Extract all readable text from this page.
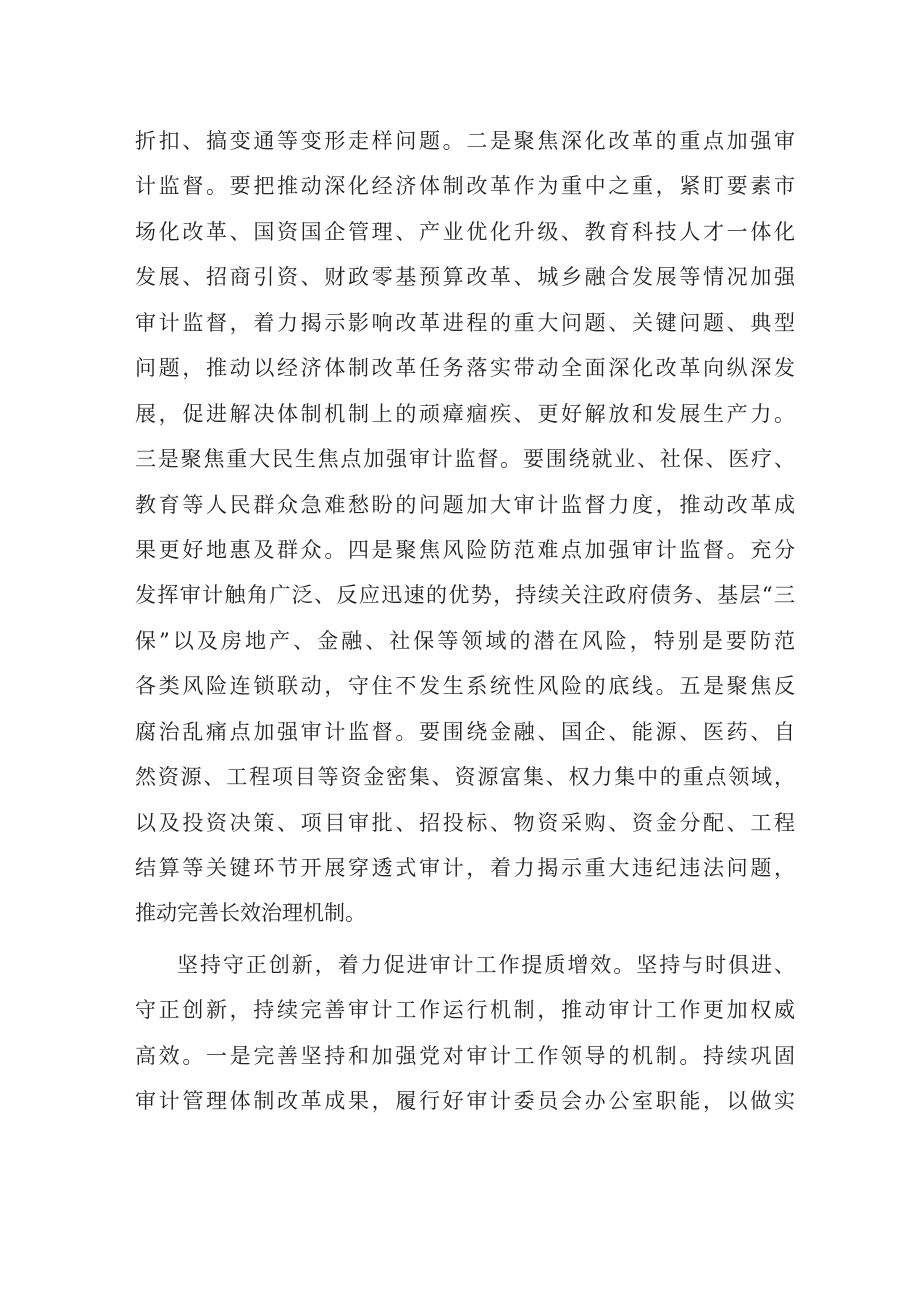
折扣、搞变通等变形走样问题。二是聚焦深化改革的重点加强审
计监督。要把推动深化经济体制改革作为重中之重，紧盯要素市
场化改革、国资国企管理、产业优化升级、教育科技人才一体化
发展、招商引资、财政零基预算改革、城乡融合发展等情况加强
审计监督，着力揭示影响改革进程的重大问题、关键问题、典型
问题，推动以经济体制改革任务落实带动全面深化改革向纵深发
展，促进解决体制机制上的顽瘴痼疾、更好解放和发展生产力。
三是聚焦重大民生焦点加强审计监督。要围绕就业、社保、医疗、
教育等人民群众急难愁盼的问题加大审计监督力度，推动改革成
果更好地惠及群众。四是聚焦风险防范难点加强审计监督。充分
发挥审计触角广泛、反应迅速的优势，持续关注政府债务、基层“三
保”以及房地产、金融、社保等领域的潜在风险，特别是要防范
各类风险连锁联动，守住不发生系统性风险的底线。五是聚焦反
腐治乱痛点加强审计监督。要围绕金融、国企、能源、医药、自
然资源、工程项目等资金密集、资源富集、权力集中的重点领域，
以及投资决策、项目审批、招投标、物资采购、资金分配、工程
结算等关键环节开展穿透式审计，着力揭示重大违纪违法问题，
推动完善长效治理机制。
坚持守正创新，着力促进审计工作提质增效。坚持与时俱进、
守正创新，持续完善审计工作运行机制，推动审计工作更加权威
高效。一是完善坚持和加强党对审计工作领导的机制。持续巩固
审计管理体制改革成果，履行好审计委员会办公室职能，以做实
